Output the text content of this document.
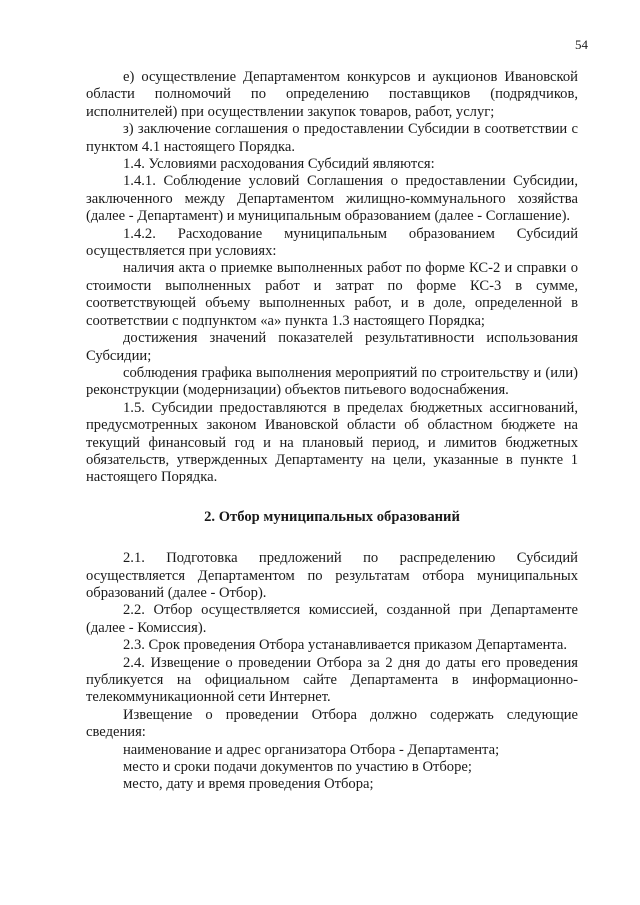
54

е) осуществление Департаментом конкурсов и аукционов Ивановской области полномочий по определению поставщиков (подрядчиков, исполнителей) при осуществлении закупок товаров, работ, услуг;

з) заключение соглашения о предоставлении Субсидии в соответствии с пунктом 4.1 настоящего Порядка.

1.4. Условиями расходования Субсидий являются:

1.4.1. Соблюдение условий Соглашения о предоставлении Субсидии, заключенного между Департаментом жилищно-коммунального хозяйства (далее - Департамент) и муниципальным образованием (далее - Соглашение).

1.4.2. Расходование муниципальным образованием Субсидий осуществляется при условиях:

наличия акта о приемке выполненных работ по форме КС-2 и справки о стоимости выполненных работ и затрат по форме КС-3 в сумме, соответствующей объему выполненных работ, и в доле, определенной в соответствии с подпунктом «а» пункта 1.3 настоящего Порядка;

достижения значений показателей результативности использования Субсидии;

соблюдения графика выполнения мероприятий по строительству и (или) реконструкции (модернизации) объектов питьевого водоснабжения.

1.5. Субсидии предоставляются в пределах бюджетных ассигнований, предусмотренных законом Ивановской области об областном бюджете на текущий финансовый год и на плановый период, и лимитов бюджетных обязательств, утвержденных Департаменту на цели, указанные в пункте 1 настоящего Порядка.

2. Отбор муниципальных образований

2.1. Подготовка предложений по распределению Субсидий осуществляется Департаментом по результатам отбора муниципальных образований (далее - Отбор).

2.2. Отбор осуществляется комиссией, созданной при Департаменте (далее - Комиссия).

2.3. Срок проведения Отбора устанавливается приказом Департамента.

2.4. Извещение о проведении Отбора за 2 дня до даты его проведения публикуется на официальном сайте Департамента в информационно-телекоммуникационной сети Интернет.

Извещение о проведении Отбора должно содержать следующие сведения:

наименование и адрес организатора Отбора - Департамента;

место и сроки подачи документов по участию в Отборе;

место, дату и время проведения Отбора;
